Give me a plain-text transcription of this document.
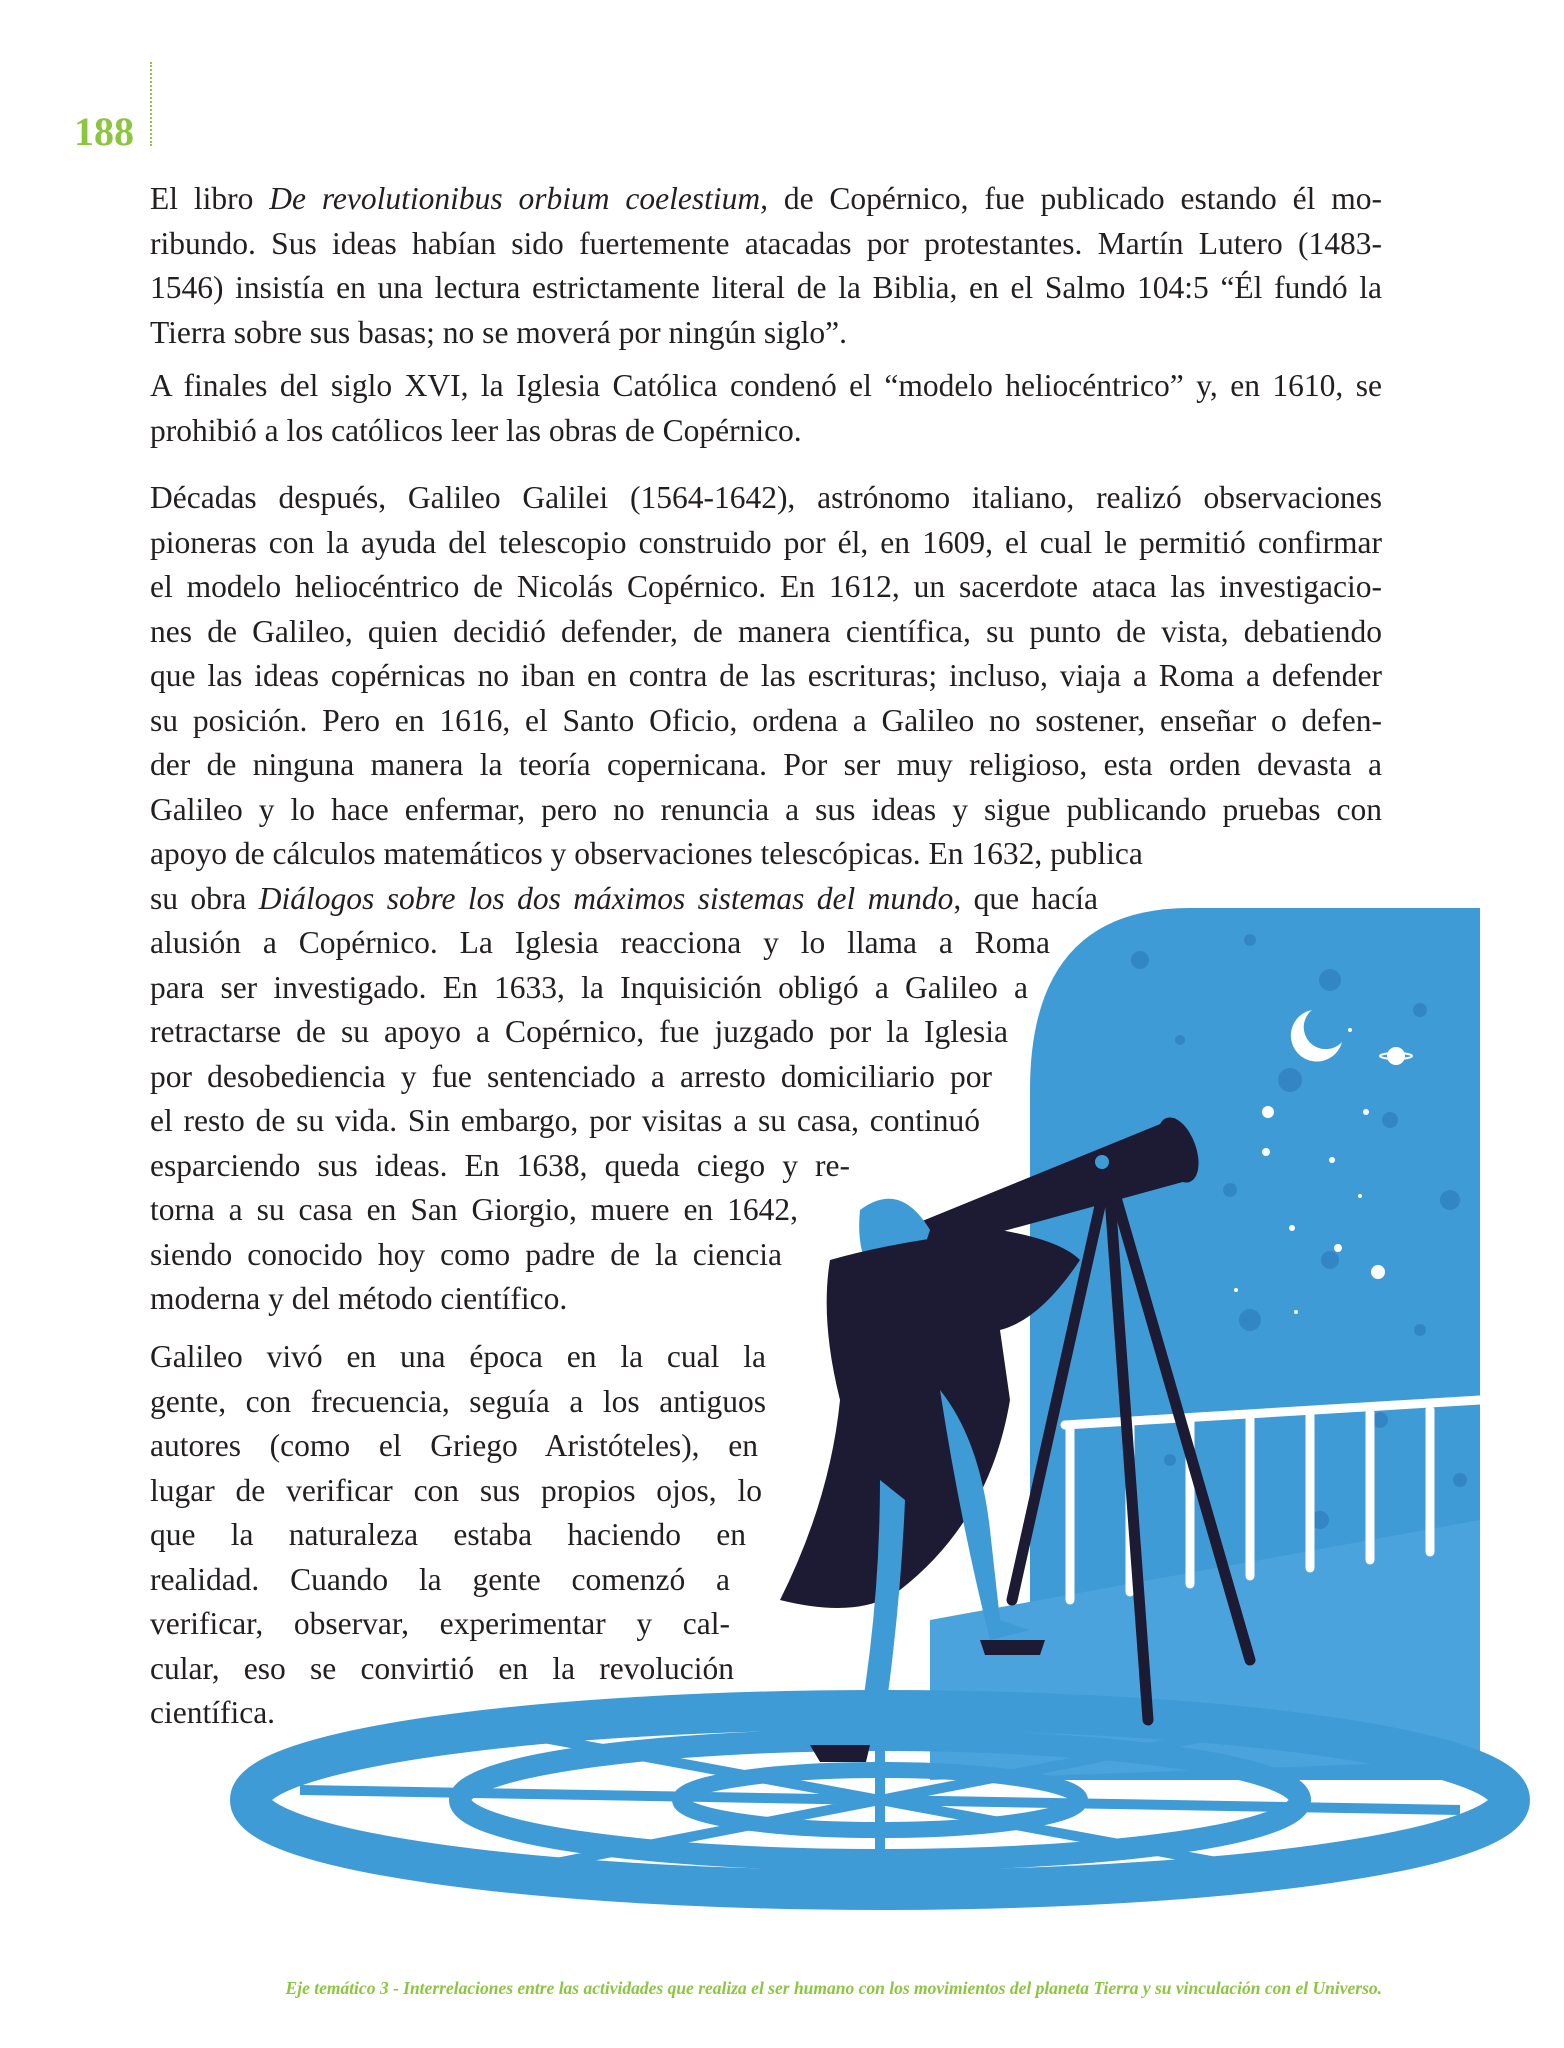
188
El libro De revolutionibus orbium coelestium, de Copérnico, fue publicado estando él mo-
ribundo. Sus ideas habían sido fuertemente atacadas por protestantes. Martín Lutero (1483-
1546) insistía en una lectura estrictamente literal de la Biblia, en el Salmo 104:5 “Él fundó la
Tierra sobre sus basas; no se moverá por ningún siglo”.
A finales del siglo XVI, la Iglesia Católica condenó el “modelo heliocéntrico” y, en 1610, se
prohibió a los católicos leer las obras de Copérnico.
Décadas después, Galileo Galilei (1564-1642), astrónomo italiano, realizó observaciones
pioneras con la ayuda del telescopio construido por él, en 1609, el cual le permitió confirmar
el modelo heliocéntrico de Nicolás Copérnico. En 1612, un sacerdote ataca las investigacio-
nes de Galileo, quien decidió defender, de manera científica, su punto de vista, debatiendo
que las ideas copérnicas no iban en contra de las escrituras; incluso, viaja a Roma a defender
su posición. Pero en 1616, el Santo Oficio, ordena a Galileo no sostener, enseñar o defen-
der de ninguna manera la teoría copernicana. Por ser muy religioso, esta orden devasta a
Galileo y lo hace enfermar, pero no renuncia a sus ideas y sigue publicando pruebas con
apoyo de cálculos matemáticos y observaciones telescópicas. En 1632, publica
su obra Diálogos sobre los dos máximos sistemas del mundo, que hacía
alusión a Copérnico. La Iglesia reacciona y lo llama a Roma
para ser investigado. En 1633, la Inquisición obligó a Galileo a
retractarse de su apoyo a Copérnico, fue juzgado por la Iglesia
por desobediencia y fue sentenciado a arresto domiciliario por
el resto de su vida. Sin embargo, por visitas a su casa, continuó
esparciendo sus ideas. En 1638, queda ciego y re-
torna a su casa en San Giorgio, muere en 1642,
siendo conocido hoy como padre de la ciencia
moderna y del método científico.
Galileo vivó en una época en la cual la
gente, con frecuencia, seguía a los antiguos
autores (como el Griego Aristóteles), en
lugar de verificar con sus propios ojos, lo
que la naturaleza estaba haciendo en
realidad. Cuando la gente comenzó a
verificar, observar, experimentar y cal-
cular, eso se convirtió en la revolución
científica.
Eje temático 3 - Interrelaciones entre las actividades que realiza el ser humano con los movimientos del planeta Tierra y su vinculación con el Universo.
